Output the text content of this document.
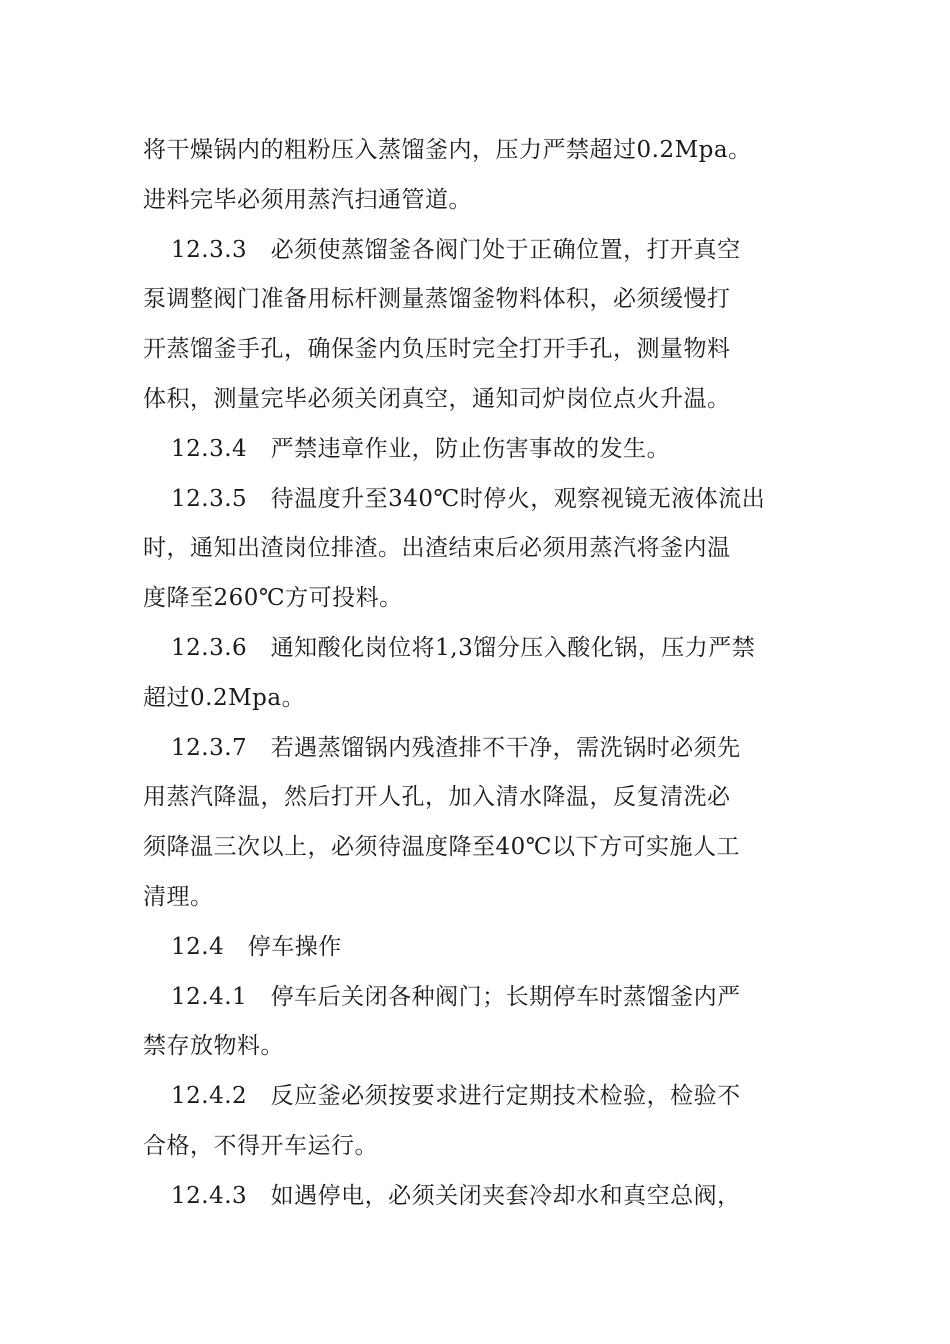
将干燥锅内的粗粉压入蒸馏釜内，压力严禁超过0.2Mpa。
进料完毕必须用蒸汽扫通管道。
12.3.3　必须使蒸馏釜各阀门处于正确位置，打开真空
泵调整阀门准备用标杆测量蒸馏釜物料体积，必须缓慢打
开蒸馏釜手孔，确保釜内负压时完全打开手孔，测量物料
体积，测量完毕必须关闭真空，通知司炉岗位点火升温。
12.3.4　严禁违章作业，防止伤害事故的发生。
12.3.5　待温度升至340℃时停火，观察视镜无液体流出
时，通知出渣岗位排渣。出渣结束后必须用蒸汽将釜内温
度降至260℃方可投料。
12.3.6　通知酸化岗位将1,3馏分压入酸化锅，压力严禁
超过0.2Mpa。
12.3.7　若遇蒸馏锅内残渣排不干净，需洗锅时必须先
用蒸汽降温，然后打开人孔，加入清水降温，反复清洗必
须降温三次以上，必须待温度降至40℃以下方可实施人工
清理。
12.4　停车操作
12.4.1　停车后关闭各种阀门；长期停车时蒸馏釜内严
禁存放物料。
12.4.2　反应釜必须按要求进行定期技术检验，检验不
合格，不得开车运行。
12.4.3　如遇停电，必须关闭夹套冷却水和真空总阀，
